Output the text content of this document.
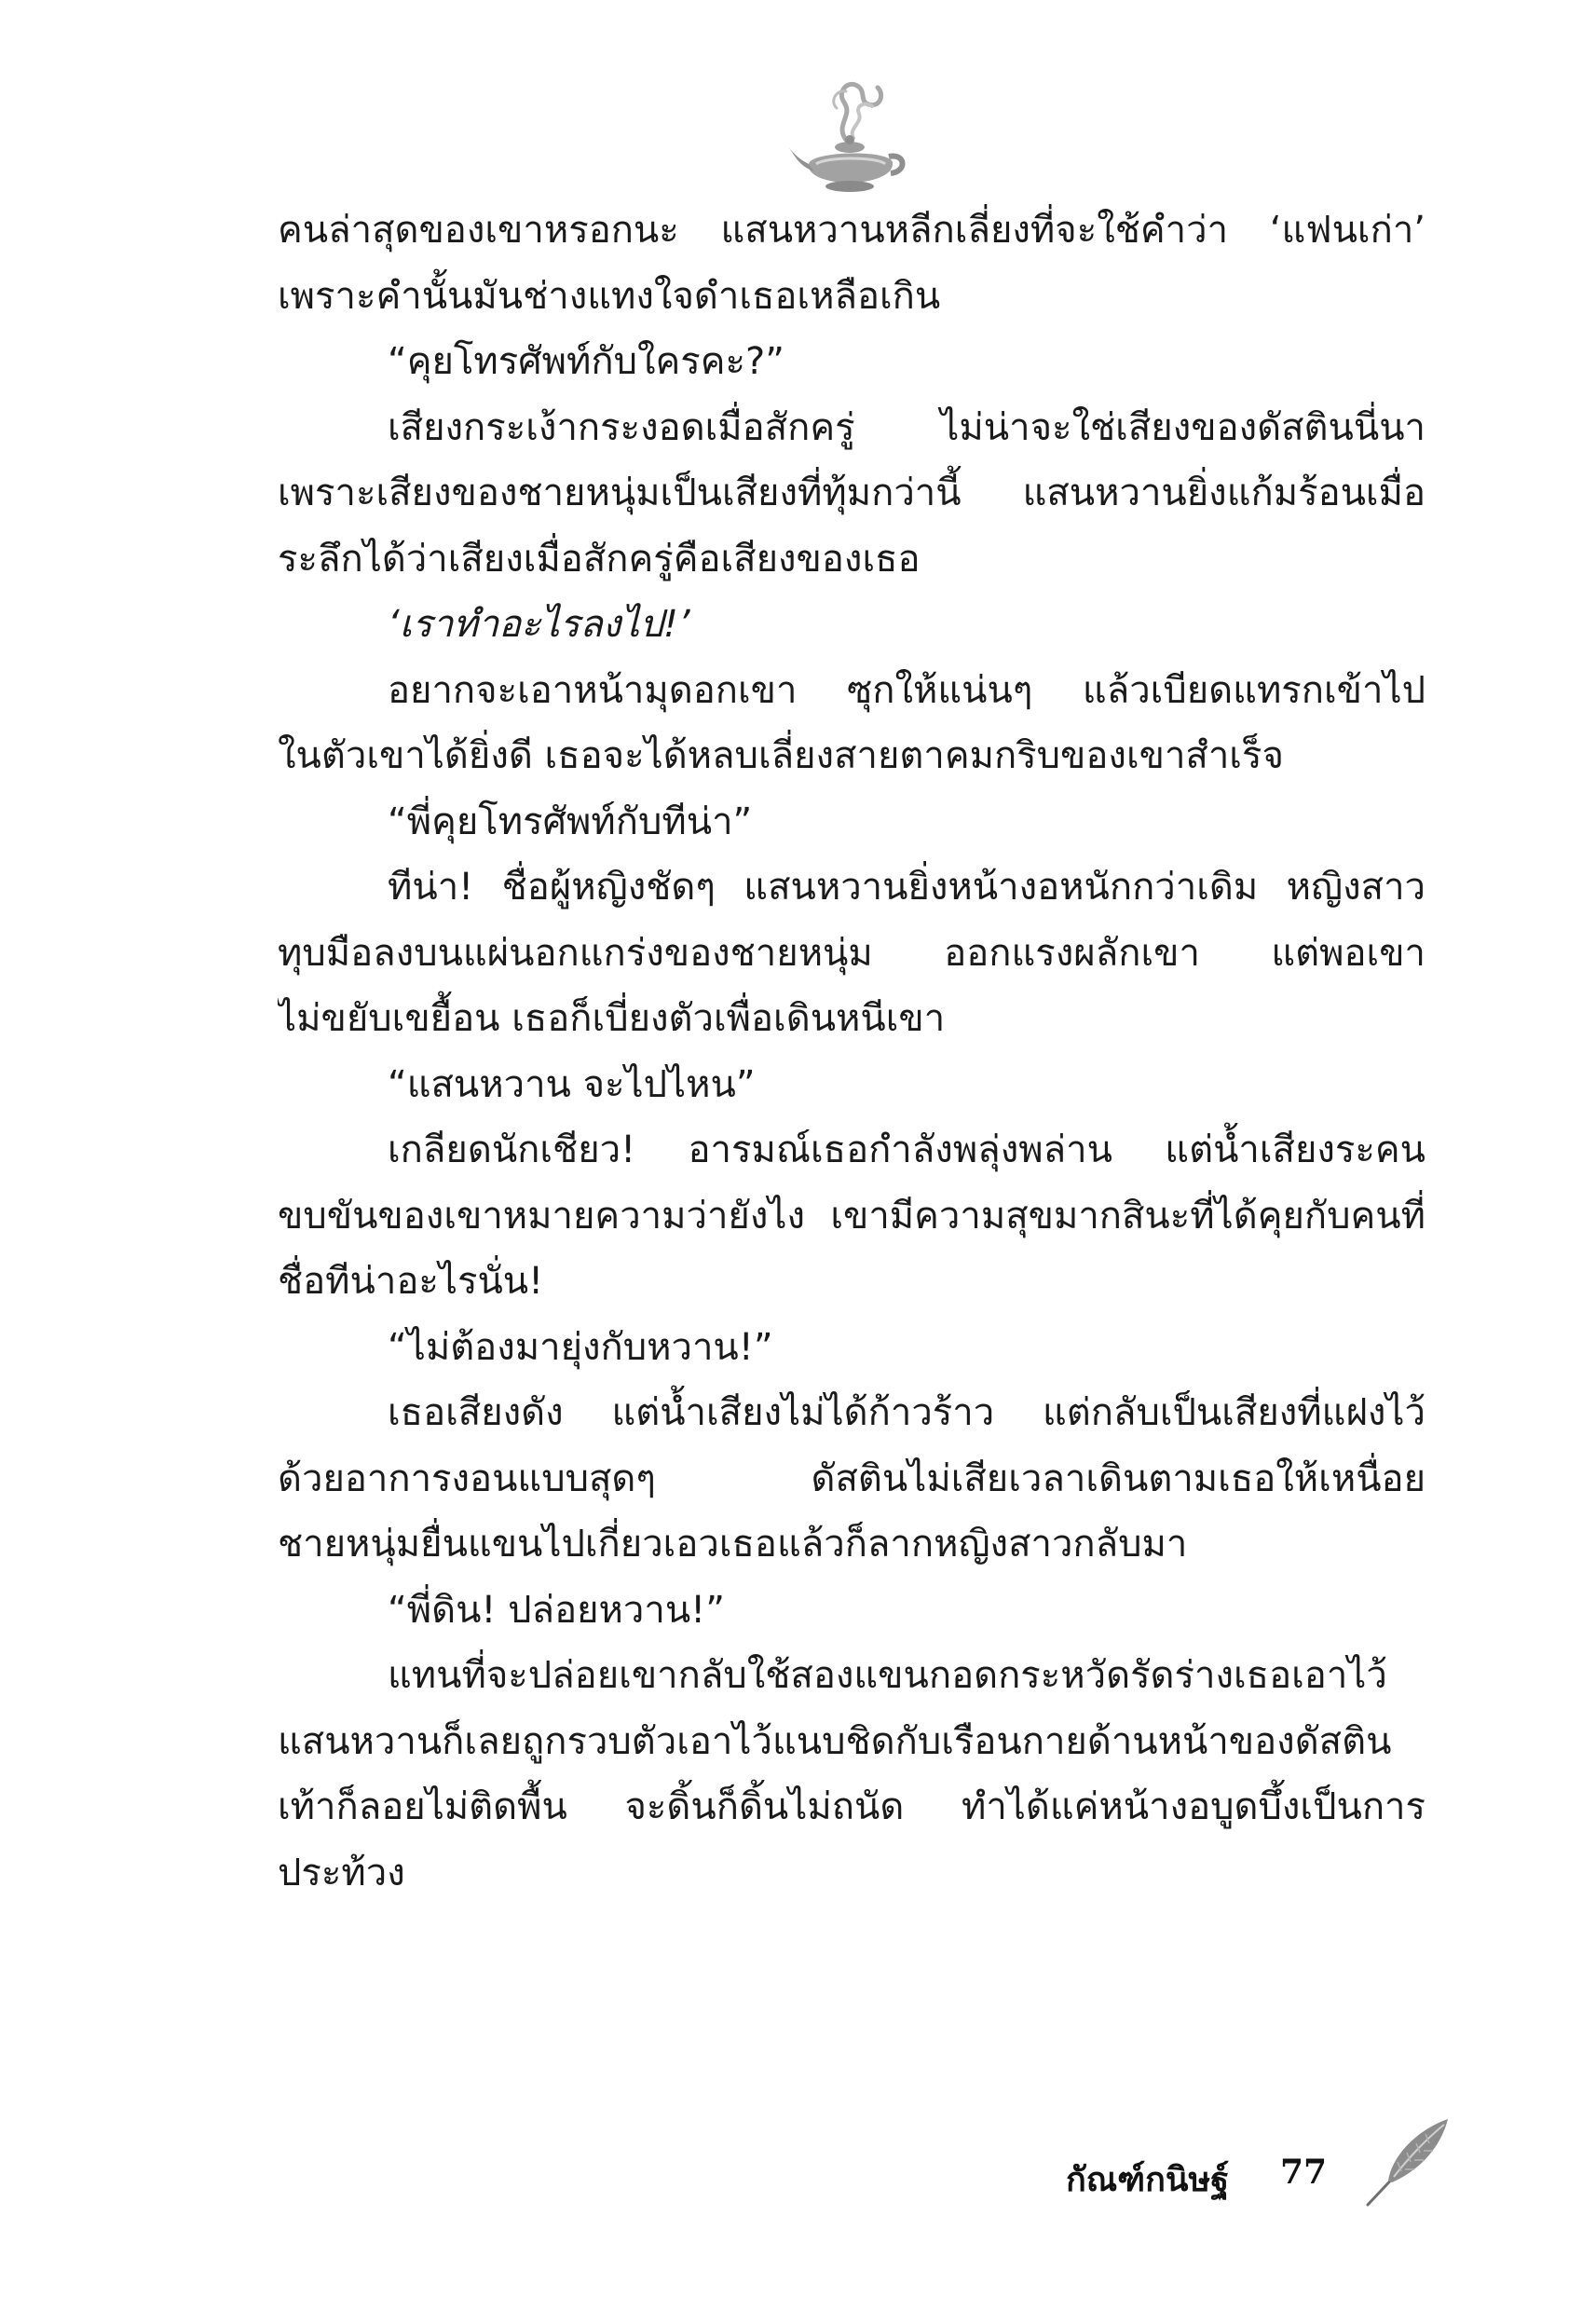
คนล่าสุดของเขาหรอกนะ แสนหวานหลีกเลี่ยงที่จะใช้คำว่า ‘แฟนเก่า’
เพราะคำนั้นมันช่างแทงใจดำเธอเหลือเกิน
“คุยโทรศัพท์กับใครคะ?”
เสียงกระเง้ากระงอดเมื่อสักครู่ ไม่น่าจะใช่เสียงของดัสตินนี่นา
เพราะเสียงของชายหนุ่มเป็นเสียงที่ทุ้มกว่านี้ แสนหวานยิ่งแก้มร้อนเมื่อ
ระลึกได้ว่าเสียงเมื่อสักครู่คือเสียงของเธอ
‘เราทำอะไรลงไป!’
อยากจะเอาหน้ามุดอกเขา ซุกให้แน่นๆ แล้วเบียดแทรกเข้าไป
ในตัวเขาได้ยิ่งดี เธอจะได้หลบเลี่ยงสายตาคมกริบของเขาสำเร็จ
“พี่คุยโทรศัพท์กับทีน่า”
ทีน่า! ชื่อผู้หญิงชัดๆ แสนหวานยิ่งหน้างอหนักกว่าเดิม หญิงสาว
ทุบมือลงบนแผ่นอกแกร่งของชายหนุ่ม ออกแรงผลักเขา แต่พอเขา
ไม่ขยับเขยื้อน เธอก็เบี่ยงตัวเพื่อเดินหนีเขา
“แสนหวาน จะไปไหน”
เกลียดนักเชียว! อารมณ์เธอกำลังพลุ่งพล่าน แต่น้ำเสียงระคน
ขบขันของเขาหมายความว่ายังไง เขามีความสุขมากสินะที่ได้คุยกับคนที่
ชื่อทีน่าอะไรนั่น!
“ไม่ต้องมายุ่งกับหวาน!”
เธอเสียงดัง แต่น้ำเสียงไม่ได้ก้าวร้าว แต่กลับเป็นเสียงที่แฝงไว้
ด้วยอาการงอนแบบสุดๆ ดัสตินไม่เสียเวลาเดินตามเธอให้เหนื่อย
ชายหนุ่มยื่นแขนไปเกี่ยวเอวเธอแล้วก็ลากหญิงสาวกลับมา
“พี่ดิน! ปล่อยหวาน!”
แทนที่จะปล่อยเขากลับใช้สองแขนกอดกระหวัดรัดร่างเธอเอาไว้
แสนหวานก็เลยถูกรวบตัวเอาไว้แนบชิดกับเรือนกายด้านหน้าของดัสติน
เท้าก็ลอยไม่ติดพื้น จะดิ้นก็ดิ้นไม่ถนัด ทำได้แค่หน้างอบูดบึ้งเป็นการ
ประท้วง
กัณฑ์กนิษฐ์ 77
